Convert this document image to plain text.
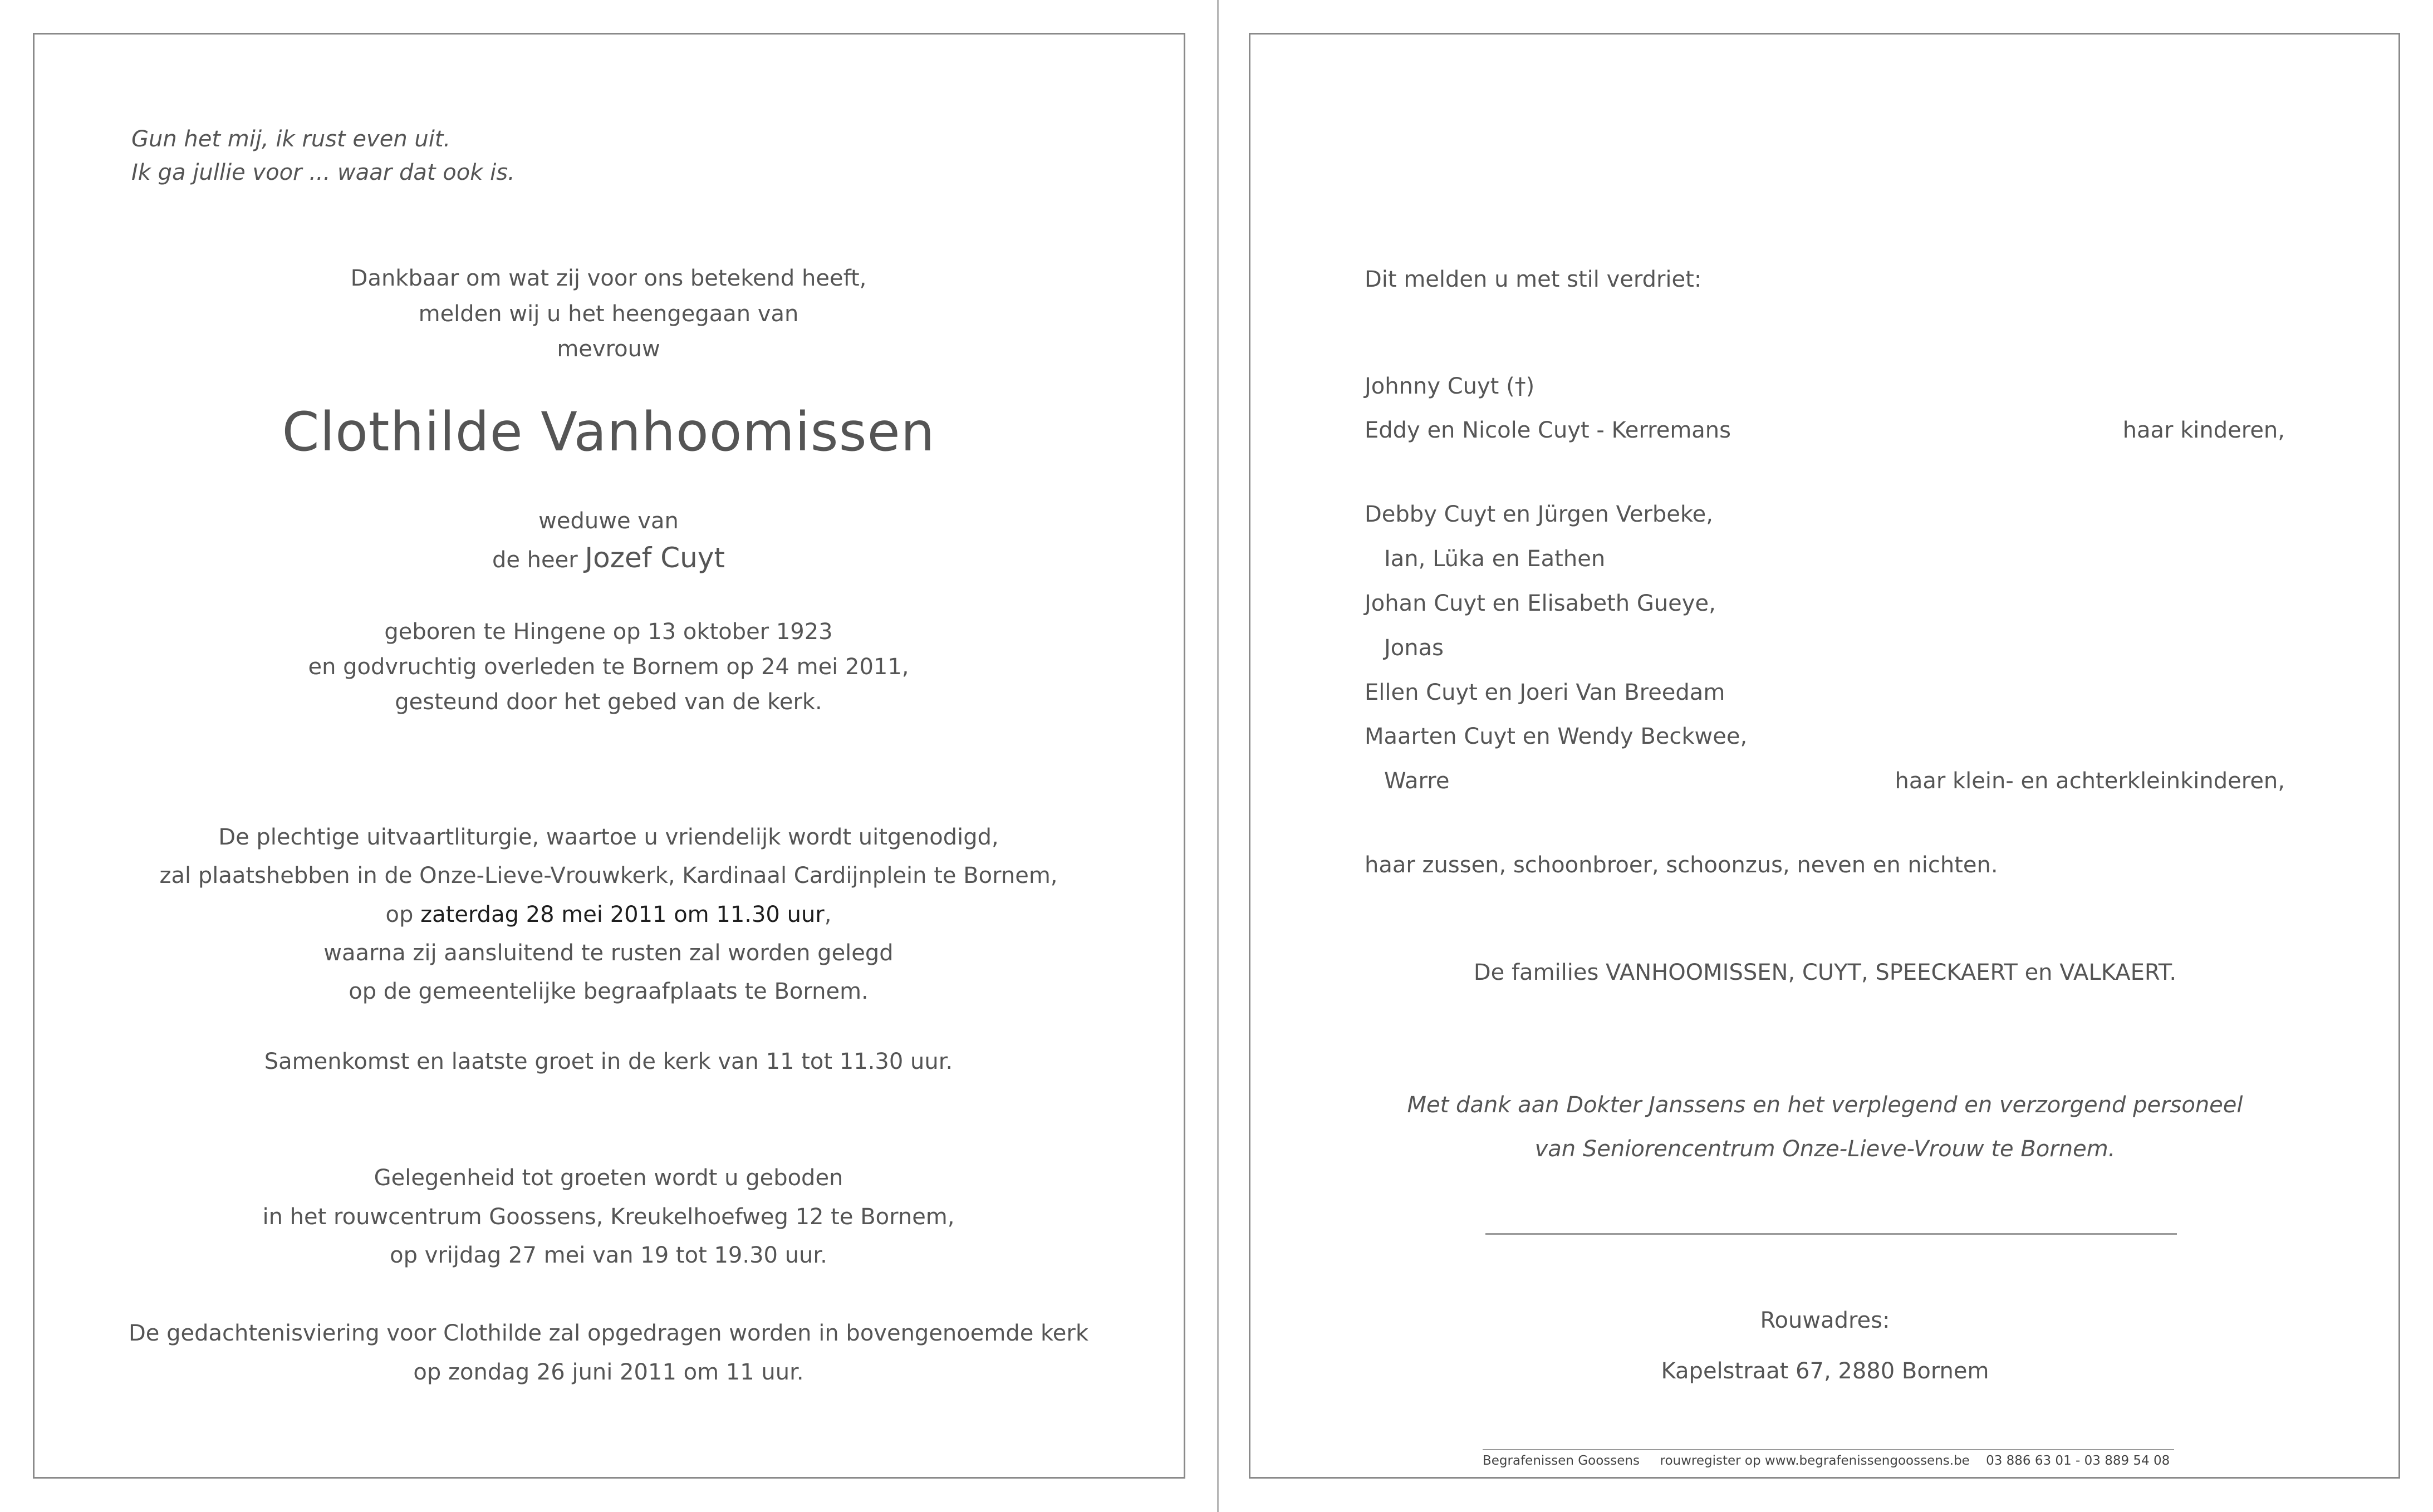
Gun het mij, ik rust even uit.
Ik ga jullie voor ... waar dat ook is.
Dankbaar om wat zij voor ons betekend heeft,
melden wij u het heengegaan van
mevrouw
Clothilde Vanhoomissen
weduwe van
de heer Jozef Cuyt
geboren te Hingene op 13 oktober 1923
en godvruchtig overleden te Bornem op 24 mei 2011,
gesteund door het gebed van de kerk.
De plechtige uitvaartliturgie, waartoe u vriendelijk wordt uitgenodigd,
zal plaatshebben in de Onze-Lieve-Vrouwkerk, Kardinaal Cardijnplein te Bornem,
op zaterdag 28 mei 2011 om 11.30 uur,
waarna zij aansluitend te rusten zal worden gelegd
op de gemeentelijke begraafplaats te Bornem.
Samenkomst en laatste groet in de kerk van 11 tot 11.30 uur.
Gelegenheid tot groeten wordt u geboden
in het rouwcentrum Goossens, Kreukelhoefweg 12 te Bornem,
op vrijdag 27 mei van 19 tot 19.30 uur.
De gedachtenisviering voor Clothilde zal opgedragen worden in bovengenoemde kerk
op zondag 26 juni 2011 om 11 uur.
Dit melden u met stil verdriet:
Johnny Cuyt (†)
Eddy en Nicole Cuyt - Kerremans	haar kinderen,
Debby Cuyt en Jürgen Verbeke,
Ian, Lüka en Eathen
Johan Cuyt en Elisabeth Gueye,
Jonas
Ellen Cuyt en Joeri Van Breedam
Maarten Cuyt en Wendy Beckwee,
Warre	haar klein- en achterkleinkinderen,
haar zussen, schoonbroer, schoonzus, neven en nichten.
De families VANHOOMISSEN, CUYT, SPEECKAERT en VALKAERT.
Met dank aan Dokter Janssens en het verplegend en verzorgend personeel
van Seniorencentrum Onze-Lieve-Vrouw te Bornem.
Rouwadres:
Kapelstraat 67, 2880 Bornem
Begrafenissen Goossens     rouwregister op www.begrafenissengoossens.be    03 886 63 01 - 03 889 54 08
